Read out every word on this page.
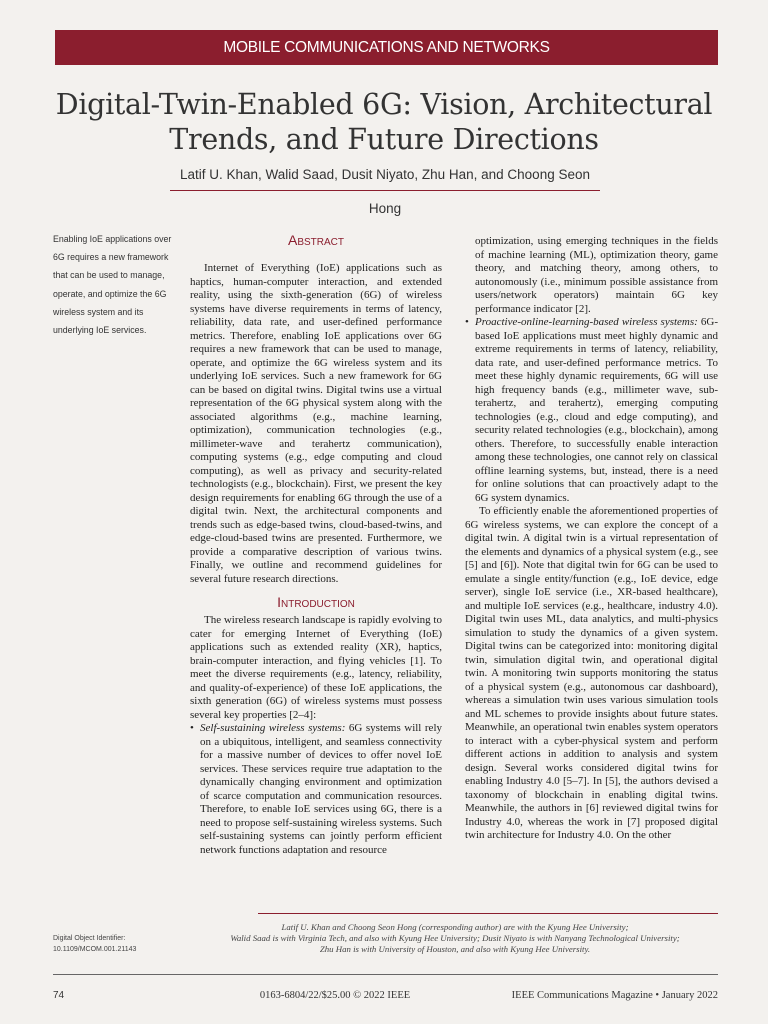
MOBILE COMMUNICATIONS AND NETWORKS
Digital-Twin-Enabled 6G: Vision, Architectural Trends, and Future Directions
Latif U. Khan, Walid Saad, Dusit Niyato, Zhu Han, and Choong Seon Hong

Enabling IoE applications over 6G requires a new framework that can be used to manage, operate, and optimize the 6G wireless system and its underlying IoE services.

Abstract

Internet of Everything (IoE) applications such as haptics, human-computer interaction, and extended reality, using the sixth-generation (6G) of wireless systems have diverse requirements in terms of latency, reliability, data rate, and user-defined performance metrics. Therefore, enabling IoE applications over 6G requires a new framework that can be used to manage, operate, and optimize the 6G wireless system and its underlying IoE services. Such a new framework for 6G can be based on digital twins. Digital twins use a virtual representation of the 6G physical system along with the associated algorithms (e.g., machine learning, optimization), communication technologies (e.g., millimeter-wave and terahertz communication), computing systems (e.g., edge computing and cloud computing), as well as privacy and security-related technologists (e.g., blockchain). First, we present the key design requirements for enabling 6G through the use of a digital twin. Next, the architectural components and trends such as edge-based twins, cloud-based-twins, and edge-cloud-based twins are presented. Furthermore, we provide a comparative description of various twins. Finally, we outline and recommend guidelines for several future research directions.

Introduction

The wireless research landscape is rapidly evolving to cater for emerging Internet of Everything (IoE) applications such as extended reality (XR), haptics, brain-computer interaction, and flying vehicles [1]. To meet the diverse requirements (e.g., latency, reliability, and quality-of-experience) of these IoE applications, the sixth generation (6G) of wireless systems must possess several key properties [2–4]:

• Self-sustaining wireless systems: 6G systems will rely on a ubiquitous, intelligent, and seamless connectivity for a massive number of devices to offer novel IoE services. These services require true adaptation to the dynamically changing environment and optimization of scarce computation and communication resources. Therefore, to enable IoE services using 6G, there is a need to propose self-sustaining wireless systems. Such self-sustaining systems can jointly perform efficient network functions adaptation and resource
optimization, using emerging techniques in the fields of machine learning (ML), optimization theory, game theory, and matching theory, among others, to autonomously (i.e., minimum possible assistance from users/network operators) maintain 6G key performance indicator [2].
• Proactive-online-learning-based wireless systems: 6G-based IoE applications must meet highly dynamic and extreme requirements in terms of latency, reliability, data rate, and user-defined performance metrics. To meet these highly dynamic requirements, 6G will use high frequency bands (e.g., millimeter wave, sub-terahertz, and terahertz), emerging computing technologies (e.g., cloud and edge computing), and security related technologies (e.g., blockchain), among others. Therefore, to successfully enable interaction among these technologies, one cannot rely on classical offline learning systems, but, instead, there is a need for online solutions that can proactively adapt to the 6G system dynamics.

To efficiently enable the aforementioned properties of 6G wireless systems, we can explore the concept of a digital twin. A digital twin is a virtual representation of the elements and dynamics of a physical system (e.g., see [5] and [6]). Note that digital twin for 6G can be used to emulate a single entity/function (e.g., IoE device, edge server), single IoE service (i.e., XR-based healthcare), and multiple IoE services (e.g., healthcare, industry 4.0). Digital twin uses ML, data analytics, and multi-physics simulation to study the dynamics of a given system. Digital twins can be categorized into: monitoring digital twin, simulation digital twin, and operational digital twin. A monitoring twin supports monitoring the status of a physical system (e.g., autonomous car dashboard), whereas a simulation twin uses various simulation tools and ML schemes to provide insights about future states. Meanwhile, an operational twin enables system operators to interact with a cyber-physical system and perform different actions in addition to analysis and system design. Several works considered digital twins for enabling Industry 4.0 [5–7]. In [5], the authors devised a taxonomy of blockchain in enabling digital twins. Meanwhile, the authors in [6] reviewed digital twins for Industry 4.0, whereas the work in [7] proposed digital twin architecture for Industry 4.0. On the other

Latif U. Khan and Choong Seon Hong (corresponding author) are with the Kyung Hee University;
Walid Saad is with Virginia Tech, and also with Kyung Hee University; Dusit Niyato is with Nanyang Technological University;
Zhu Han is with University of Houston, and also with Kyung Hee University.
Digital Object Identifier:
10.1109/MCOM.001.21143
74	0163-6804/22/$25.00 © 2022 IEEE	IEEE Communications Magazine • January 2022
